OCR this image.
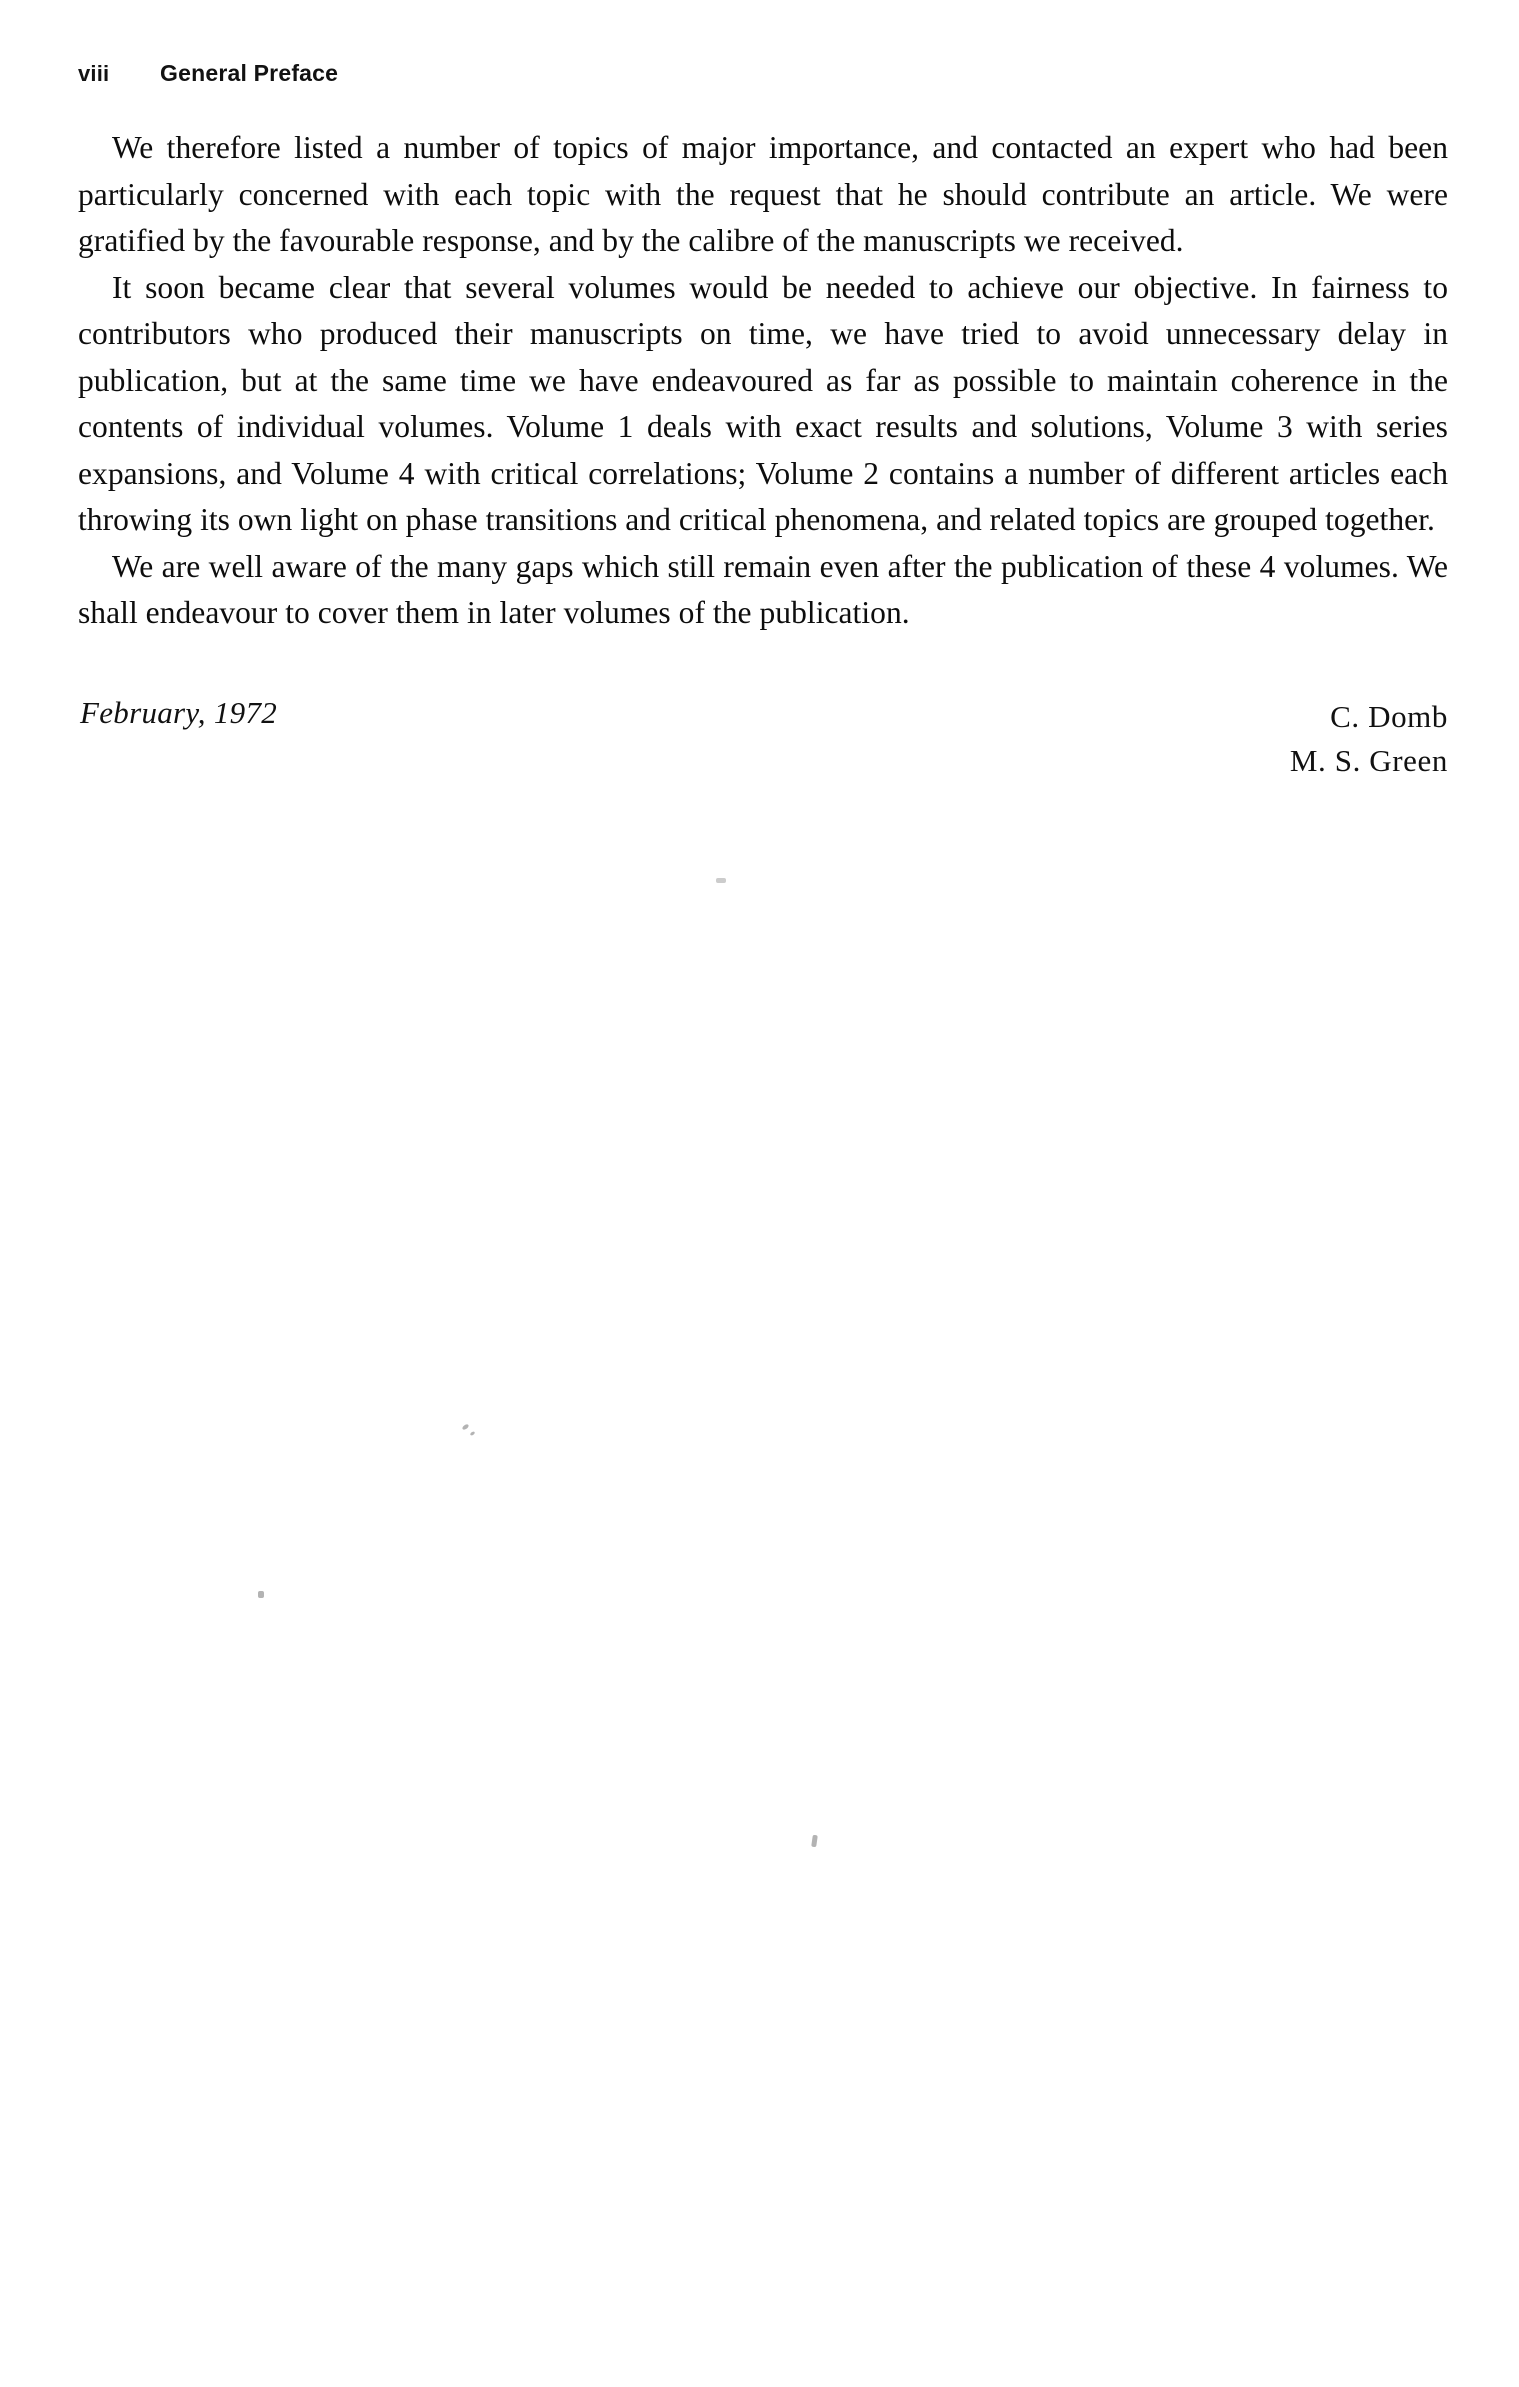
viii	General Preface

We therefore listed a number of topics of major importance, and contacted an expert who had been particularly concerned with each topic with the request that he should contribute an article. We were gratified by the favourable response, and by the calibre of the manuscripts we received.

It soon became clear that several volumes would be needed to achieve our objective. In fairness to contributors who produced their manuscripts on time, we have tried to avoid unnecessary delay in publication, but at the same time we have endeavoured as far as possible to maintain coherence in the contents of individual volumes. Volume 1 deals with exact results and solutions, Volume 3 with series expansions, and Volume 4 with critical correlations; Volume 2 contains a number of different articles each throwing its own light on phase transitions and critical phenomena, and related topics are grouped together.

We are well aware of the many gaps which still remain even after the publication of these 4 volumes. We shall endeavour to cover them in later volumes of the publication.

February, 1972	C. Domb
M. S. Green
